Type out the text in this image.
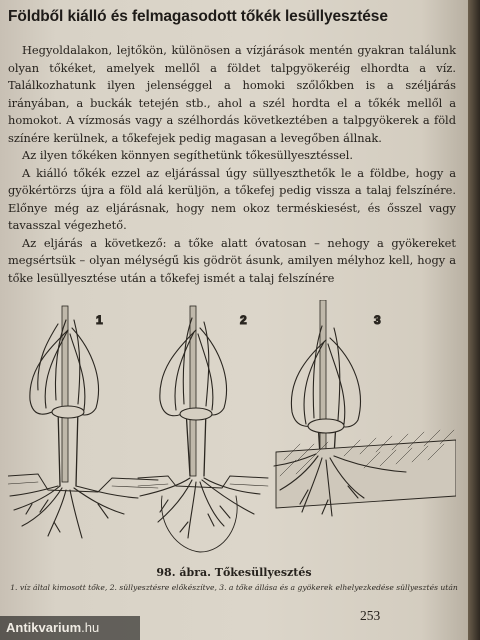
Földből kiálló és felmagasodott tőkék lesüllyesztése

Hegyoldalakon, lejtőkön, különösen a vízjárások mentén gyakran találunk olyan tőkéket, amelyek mellől a földet talpgyökeréig elhordta a víz. Találkozhatunk ilyen jelenséggel a homoki szőlőkben is a széljárás irányában, a buckák tetején stb., ahol a szél hordta el a tőkék mellől a homokot. A vízmosás vagy a szélhordás következtében a talpgyökerek a föld színére kerülnek, a tőkefejek pedig magasan a levegőben állnak.

Az ilyen tőkéken könnyen segíthetünk tőkesüllyesztéssel.

A kiálló tőkék ezzel az eljárással úgy süllyeszthetők le a földbe, hogy a gyökértörzs újra a föld alá kerüljön, a tőkefej pedig vissza a talaj felszínére. Előnye még az eljárásnak, hogy nem okoz terméskiesést, és ősszel vagy tavasszal végezhető.

Az eljárás a következő: a tőke alatt óvatosan – nehogy a gyökereket megsértsük – olyan mélységű kis gödröt ásunk, amilyen mélyhoz kell, hogy a tőke lesüllyesztése után a tőkefej ismét a talaj felszínére

1	2	3
98. ábra. Tőkesüllyesztés
1. víz által kimosott tőke, 2. süllyesztésre előkészítve, 3. a tőke állása és a gyökerek elhelyezkedése süllyesztés után
253
Antikvarium.hu
